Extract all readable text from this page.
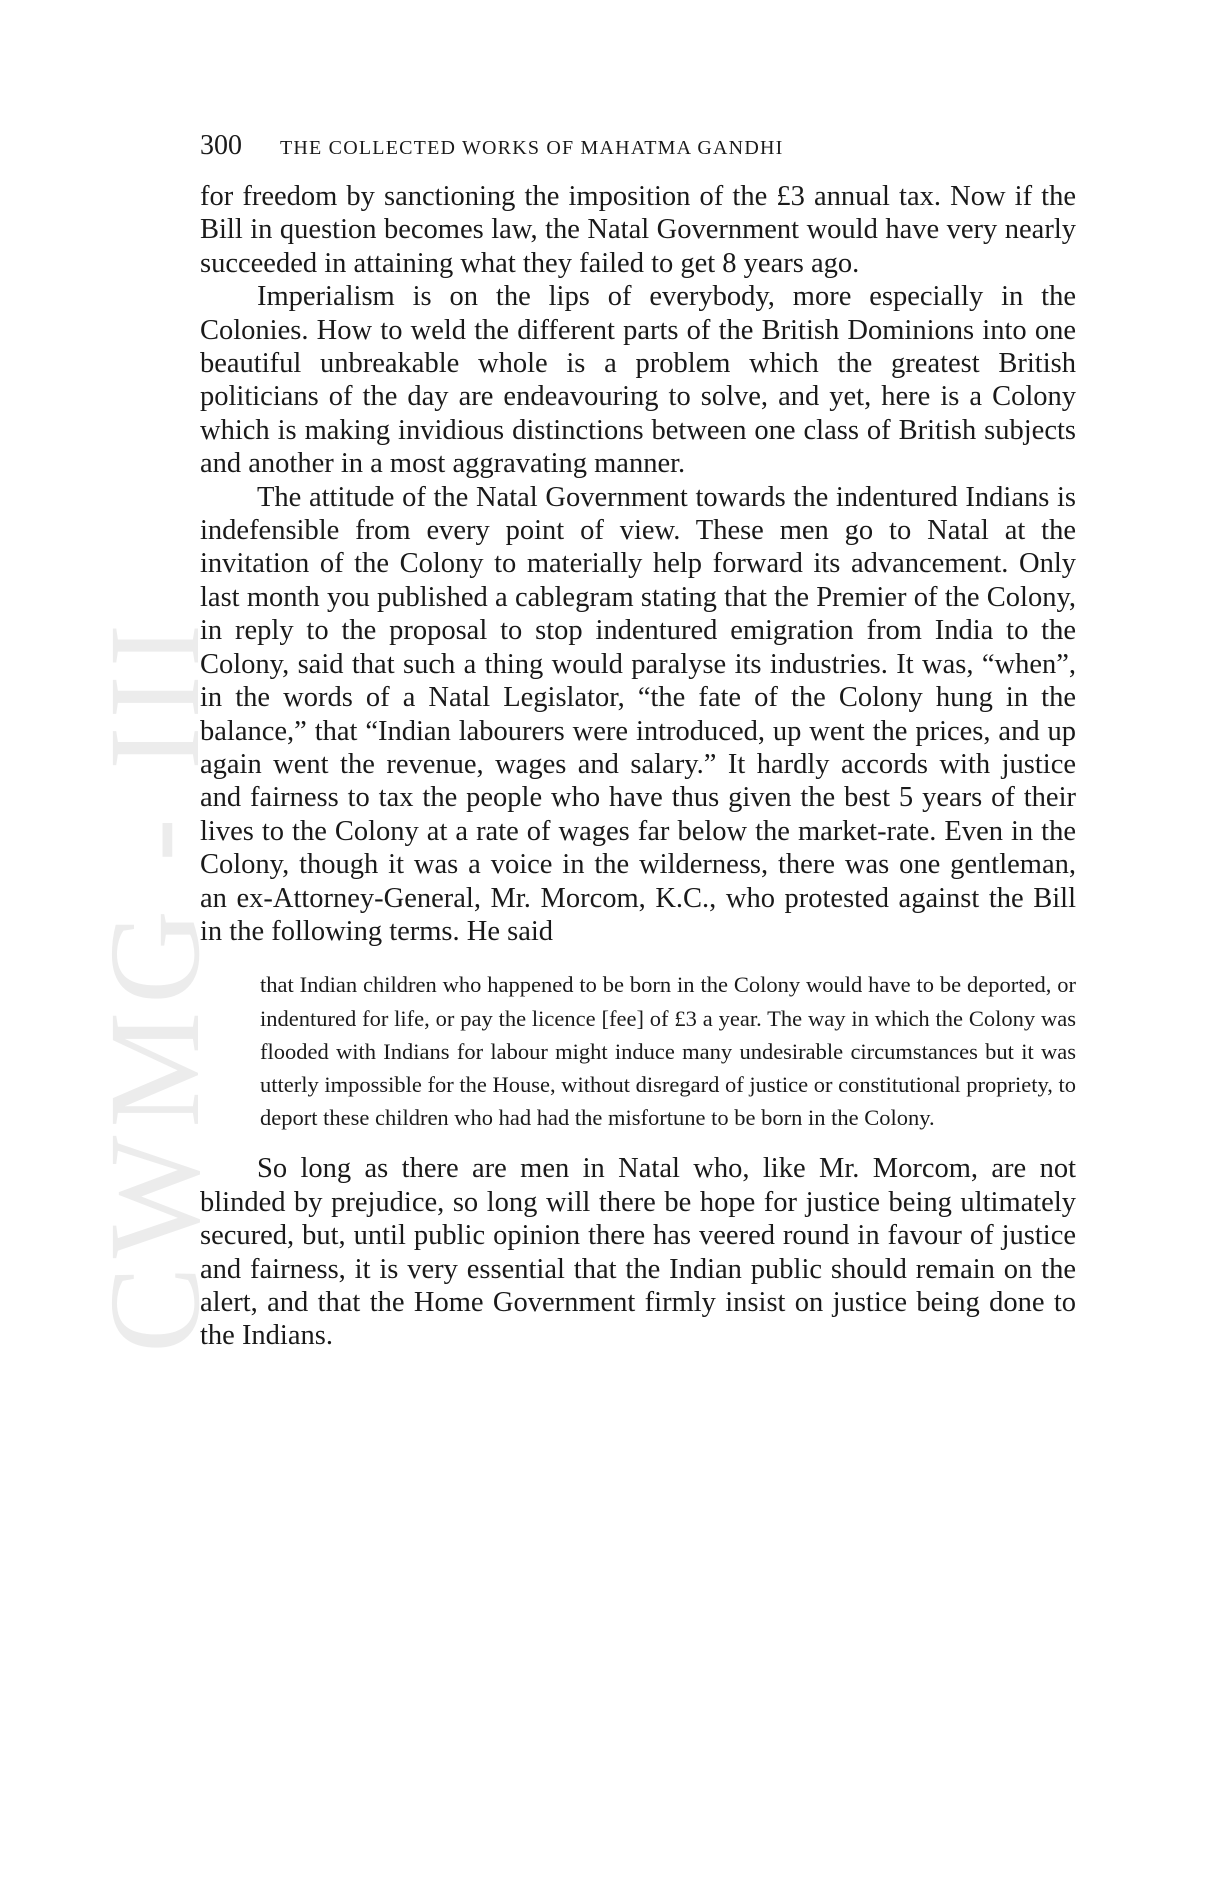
CWMG - III
300 THE COLLECTED WORKS OF MAHATMA GANDHI

for freedom by sanctioning the imposition of the £3 annual tax. Now if the Bill in question becomes law, the Natal Government would have very nearly succeeded in attaining what they failed to get 8 years ago.

Imperialism is on the lips of everybody, more especially in the Colonies. How to weld the different parts of the British Dominions into one beautiful unbreakable whole is a problem which the greatest British politicians of the day are endeavouring to solve, and yet, here is a Colony which is making invidious distinctions between one class of British subjects and another in a most aggravating manner.

The attitude of the Natal Government towards the indentured Indians is indefensible from every point of view. These men go to Natal at the invitation of the Colony to materially help forward its advancement. Only last month you published a cablegram stating that the Premier of the Colony, in reply to the proposal to stop indentured emigration from India to the Colony, said that such a thing would paralyse its industries. It was, “when”, in the words of a Natal Legislator, “the fate of the Colony hung in the balance,” that “Indian labourers were introduced, up went the prices, and up again went the revenue, wages and salary.” It hardly accords with justice and fairness to tax the people who have thus given the best 5 years of their lives to the Colony at a rate of wages far below the market-rate. Even in the Colony, though it was a voice in the wilderness, there was one gentleman, an ex-Attorney-General, Mr. Morcom, K.C., who protested against the Bill in the following terms. He said

that Indian children who happened to be born in the Colony would have to be deported, or indentured for life, or pay the licence [fee] of £3 a year. The way in which the Colony was flooded with Indians for labour might induce many undesirable circumstances but it was utterly impossible for the House, without disregard of justice or constitutional propriety, to deport these children who had had the misfortune to be born in the Colony.

So long as there are men in Natal who, like Mr. Morcom, are not blinded by prejudice, so long will there be hope for justice being ultimately secured, but, until public opinion there has veered round in favour of justice and fairness, it is very essential that the Indian public should remain on the alert, and that the Home Government firmly insist on justice being done to the Indians.
